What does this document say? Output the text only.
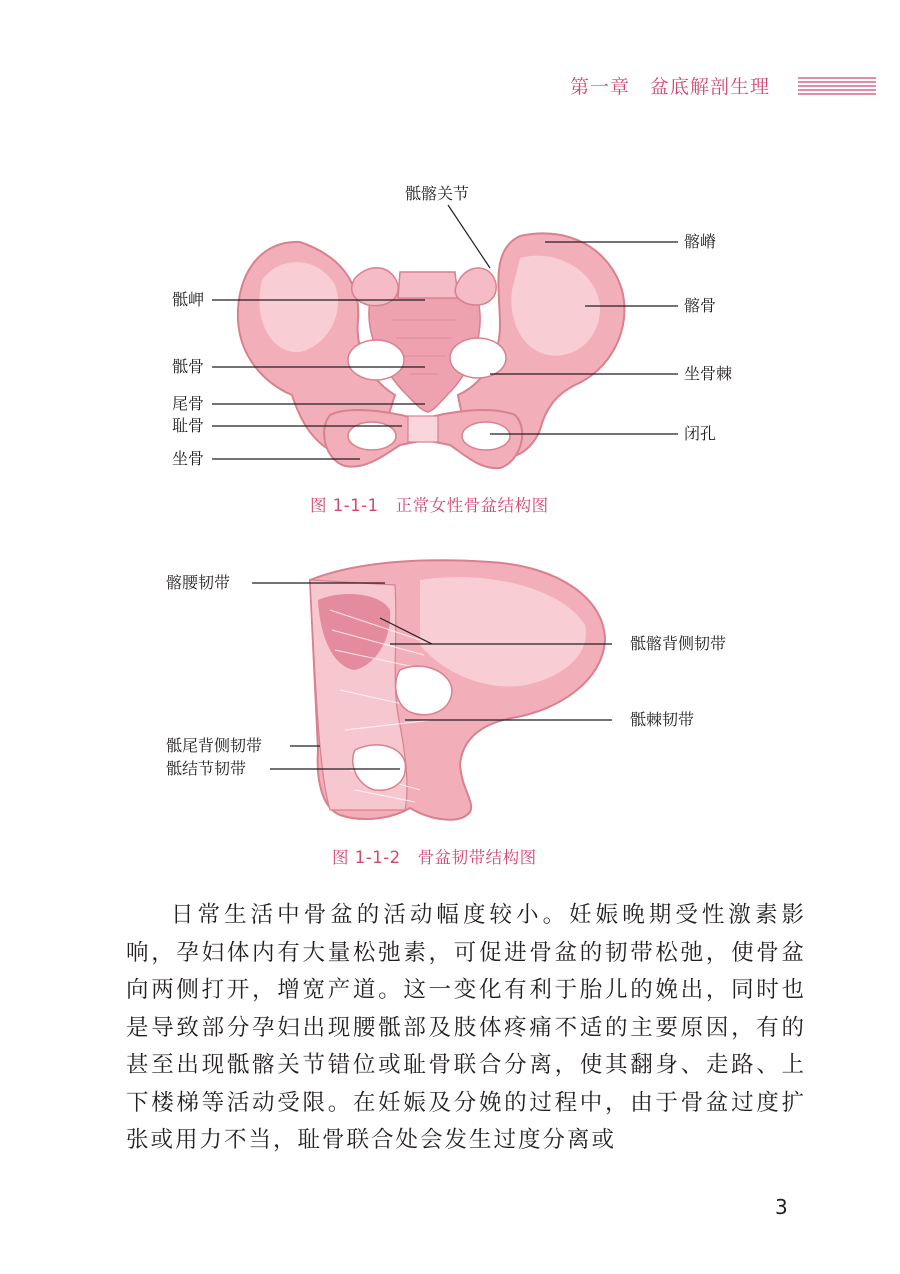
第一章　盆底解剖生理
骶髂关节
髂嵴
骶岬	髂骨
骶骨	坐骨棘
尾骨
耻骨	闭孔
坐骨
图 1-1-1　正常女性骨盆结构图
髂腰韧带
骶髂背侧韧带
骶棘韧带
骶尾背侧韧带
骶结节韧带
图 1-1-2　骨盆韧带结构图

日常生活中骨盆的活动幅度较小。妊娠晚期受性激素影响，孕妇体内有大量松弛素，可促进骨盆的韧带松弛，使骨盆向两侧打开，增宽产道。这一变化有利于胎儿的娩出，同时也是导致部分孕妇出现腰骶部及肢体疼痛不适的主要原因，有的甚至出现骶髂关节错位或耻骨联合分离，使其翻身、走路、上下楼梯等活动受限。在妊娠及分娩的过程中，由于骨盆过度扩张或用力不当，耻骨联合处会发生过度分离或

3
